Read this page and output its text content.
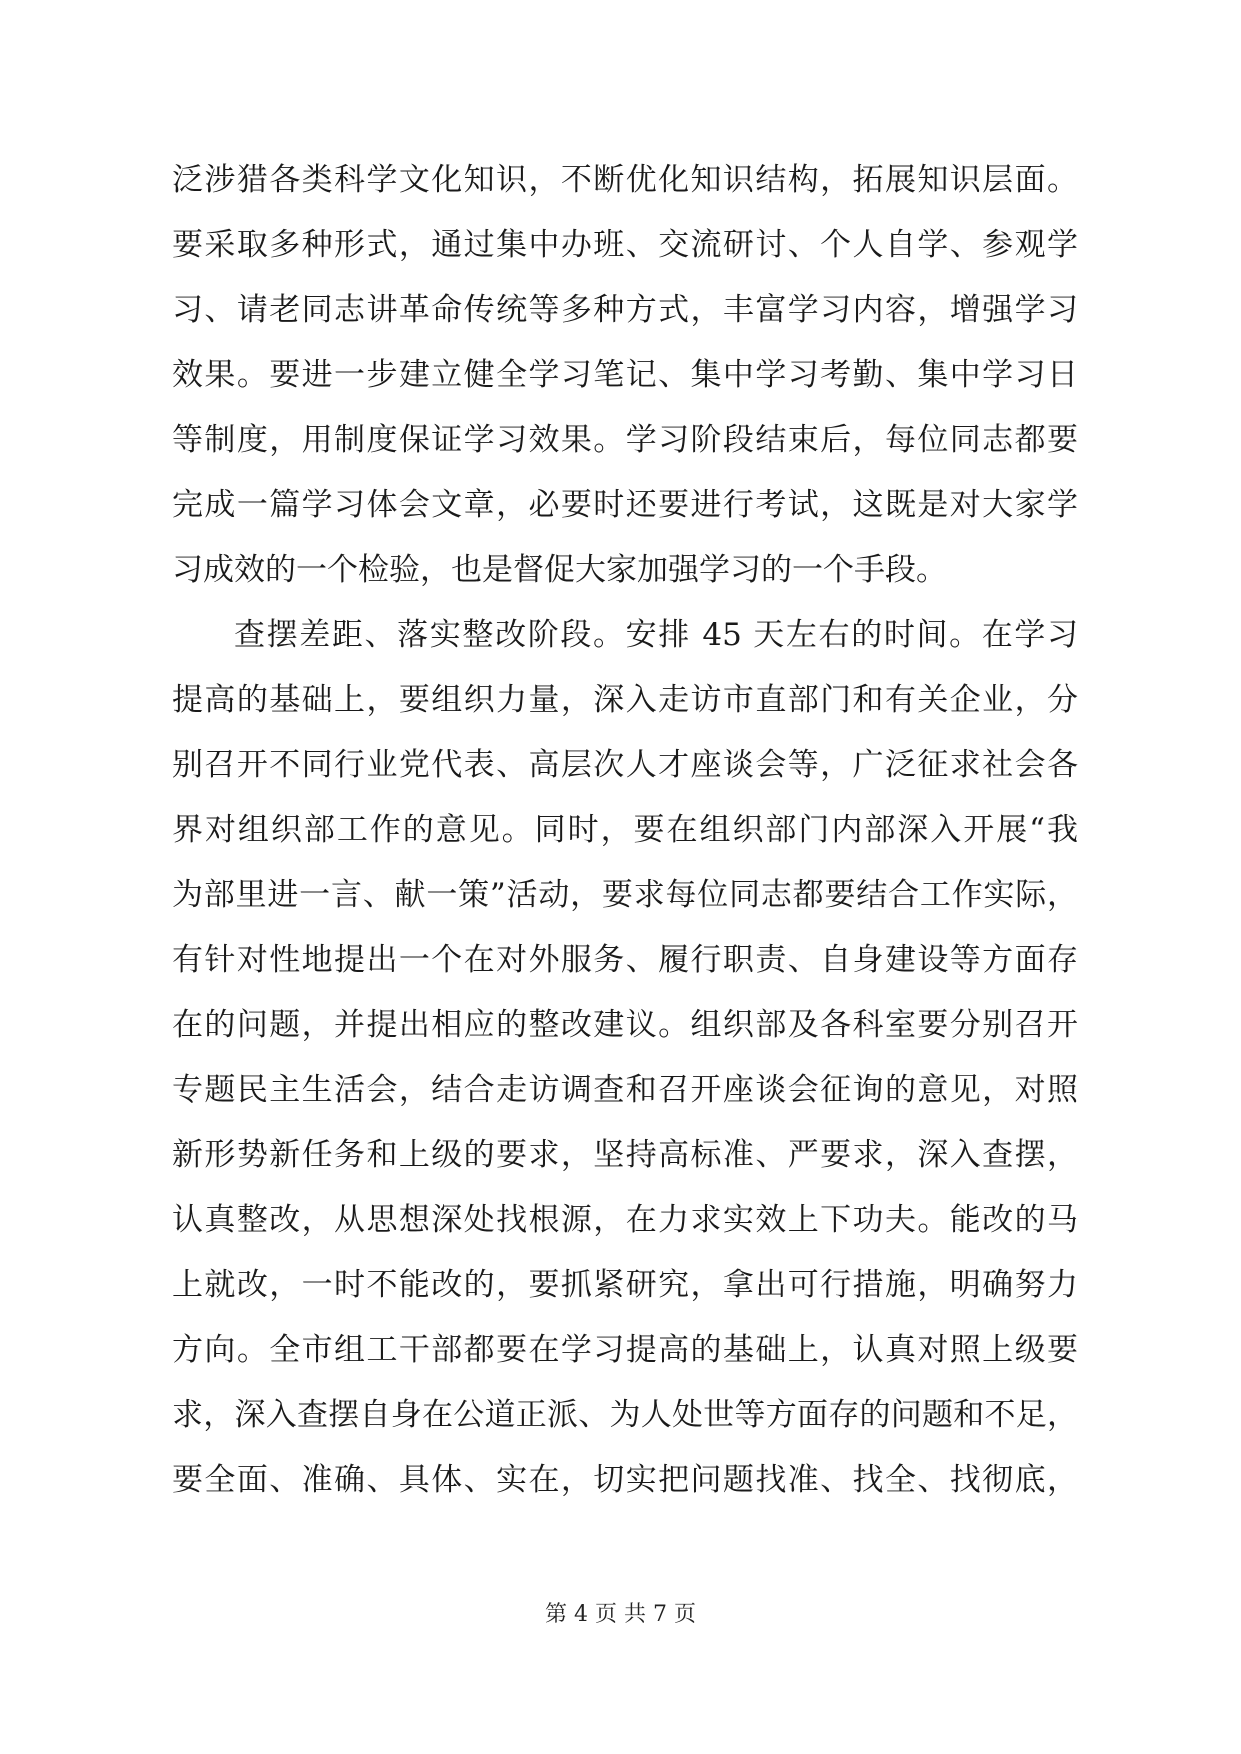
泛涉猎各类科学文化知识，不断优化知识结构，拓展知识层面。
要采取多种形式，通过集中办班、交流研讨、个人自学、参观学
习、请老同志讲革命传统等多种方式，丰富学习内容，增强学习
效果。要进一步建立健全学习笔记、集中学习考勤、集中学习日
等制度，用制度保证学习效果。学习阶段结束后，每位同志都要
完成一篇学习体会文章，必要时还要进行考试，这既是对大家学
习成效的一个检验，也是督促大家加强学习的一个手段。
查摆差距、落实整改阶段。安排 45 天左右的时间。在学习
提高的基础上，要组织力量，深入走访市直部门和有关企业，分
别召开不同行业党代表、高层次人才座谈会等，广泛征求社会各
界对组织部工作的意见。同时，要在组织部门内部深入开展“我
为部里进一言、献一策”活动，要求每位同志都要结合工作实际，
有针对性地提出一个在对外服务、履行职责、自身建设等方面存
在的问题，并提出相应的整改建议。组织部及各科室要分别召开
专题民主生活会，结合走访调查和召开座谈会征询的意见，对照
新形势新任务和上级的要求，坚持高标准、严要求，深入查摆，
认真整改，从思想深处找根源，在力求实效上下功夫。能改的马
上就改，一时不能改的，要抓紧研究，拿出可行措施，明确努力
方向。全市组工干部都要在学习提高的基础上，认真对照上级要
求，深入查摆自身在公道正派、为人处世等方面存的问题和不足，
要全面、准确、具体、实在，切实把问题找准、找全、找彻底，
第 4 页 共 7 页
